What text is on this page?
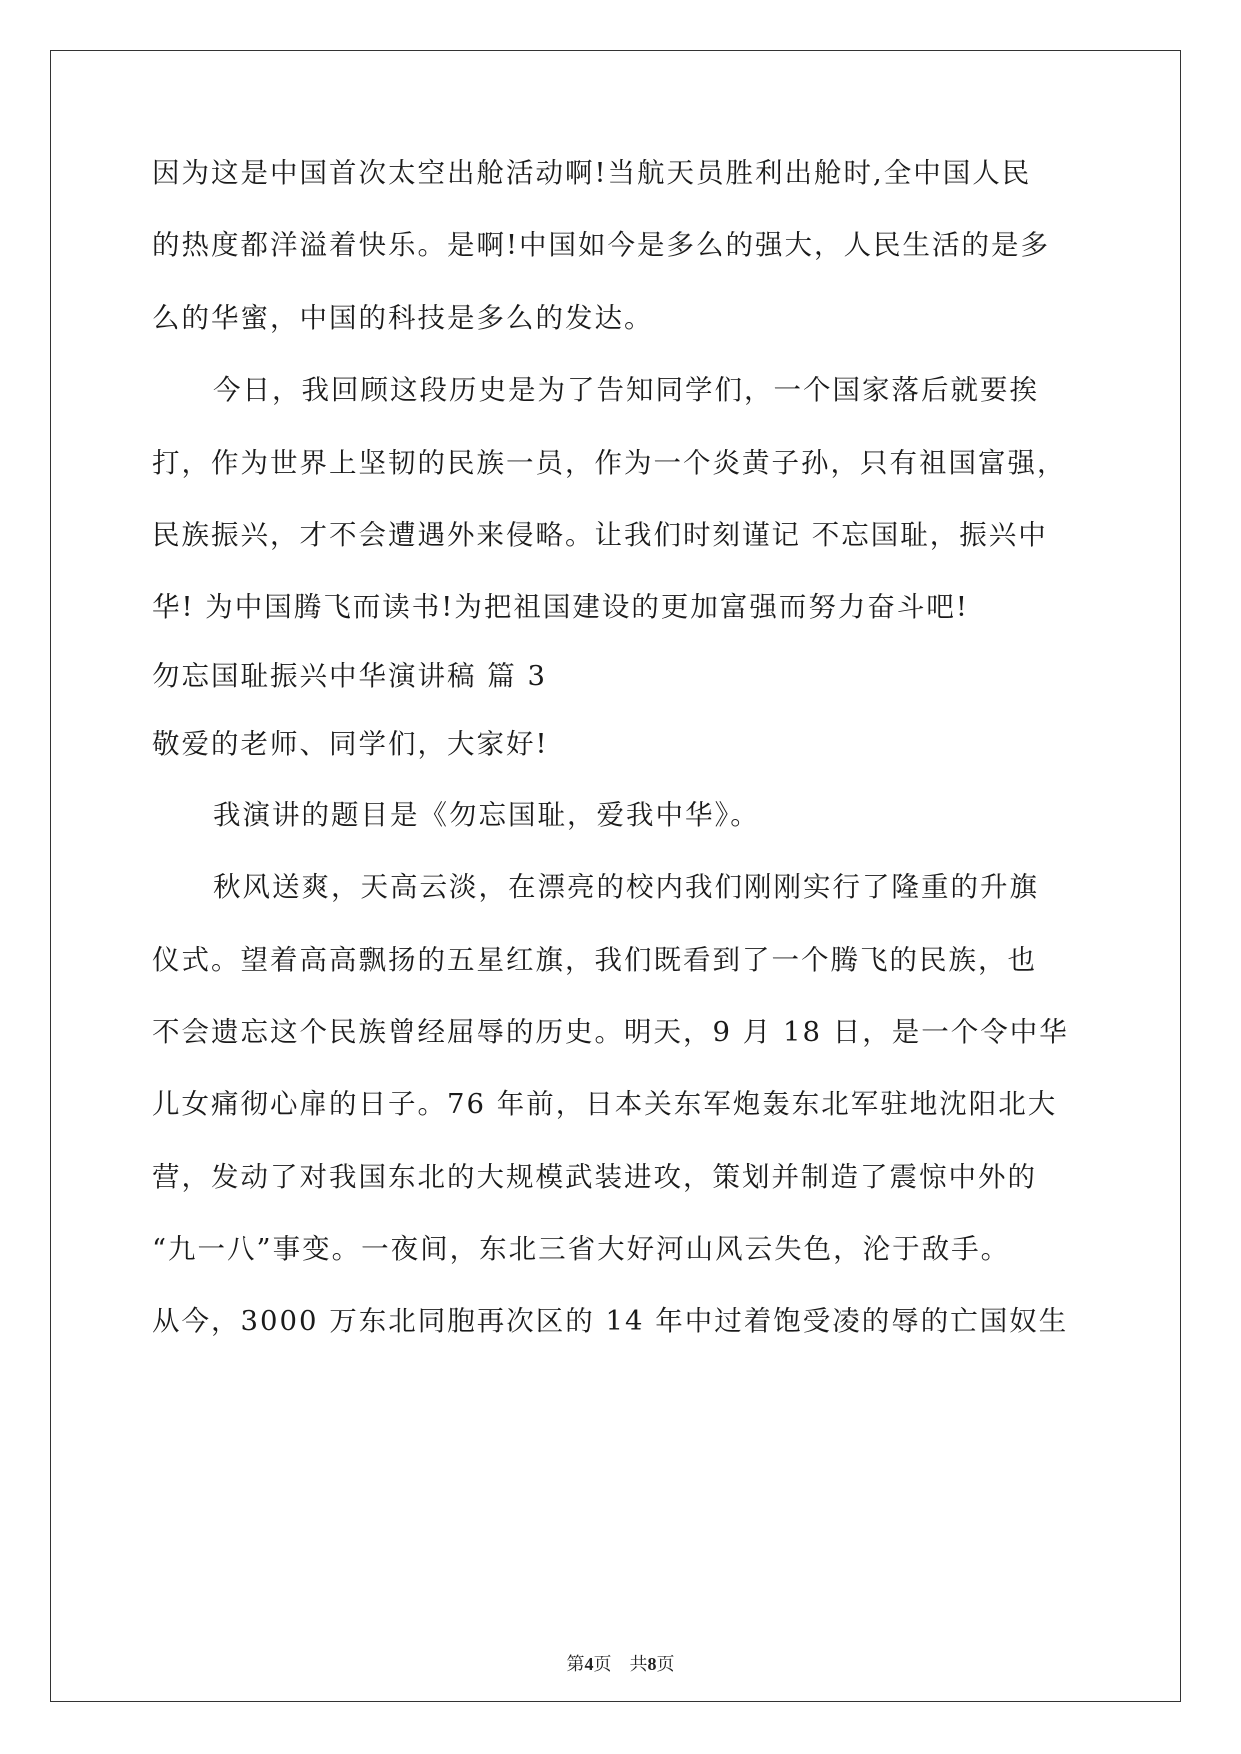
因为这是中国首次太空出舱活动啊!当航天员胜利出舱时,全中国人民
的热度都洋溢着快乐。是啊!中国如今是多么的强大，人民生活的是多
么的华蜜，中国的科技是多么的发达。
今日，我回顾这段历史是为了告知同学们，一个国家落后就要挨
打，作为世界上坚韧的民族一员，作为一个炎黄子孙，只有祖国富强，
民族振兴，才不会遭遇外来侵略。让我们时刻谨记 不忘国耻，振兴中
华! 为中国腾飞而读书!为把祖国建设的更加富强而努力奋斗吧!
勿忘国耻振兴中华演讲稿 篇 3
敬爱的老师、同学们，大家好!
我演讲的题目是《勿忘国耻，爱我中华》。
秋风送爽，天高云淡，在漂亮的校内我们刚刚实行了隆重的升旗
仪式。望着高高飘扬的五星红旗，我们既看到了一个腾飞的民族，也
不会遗忘这个民族曾经屈辱的历史。明天，9 月 18 日，是一个令中华
儿女痛彻心扉的日子。76 年前，日本关东军炮轰东北军驻地沈阳北大
营，发动了对我国东北的大规模武装进攻，策划并制造了震惊中外的
“九一八”事变。一夜间，东北三省大好河山风云失色，沦于敌手。
从今，3000 万东北同胞再次区的 14 年中过着饱受凌的辱的亡国奴生
第4页 共8页
